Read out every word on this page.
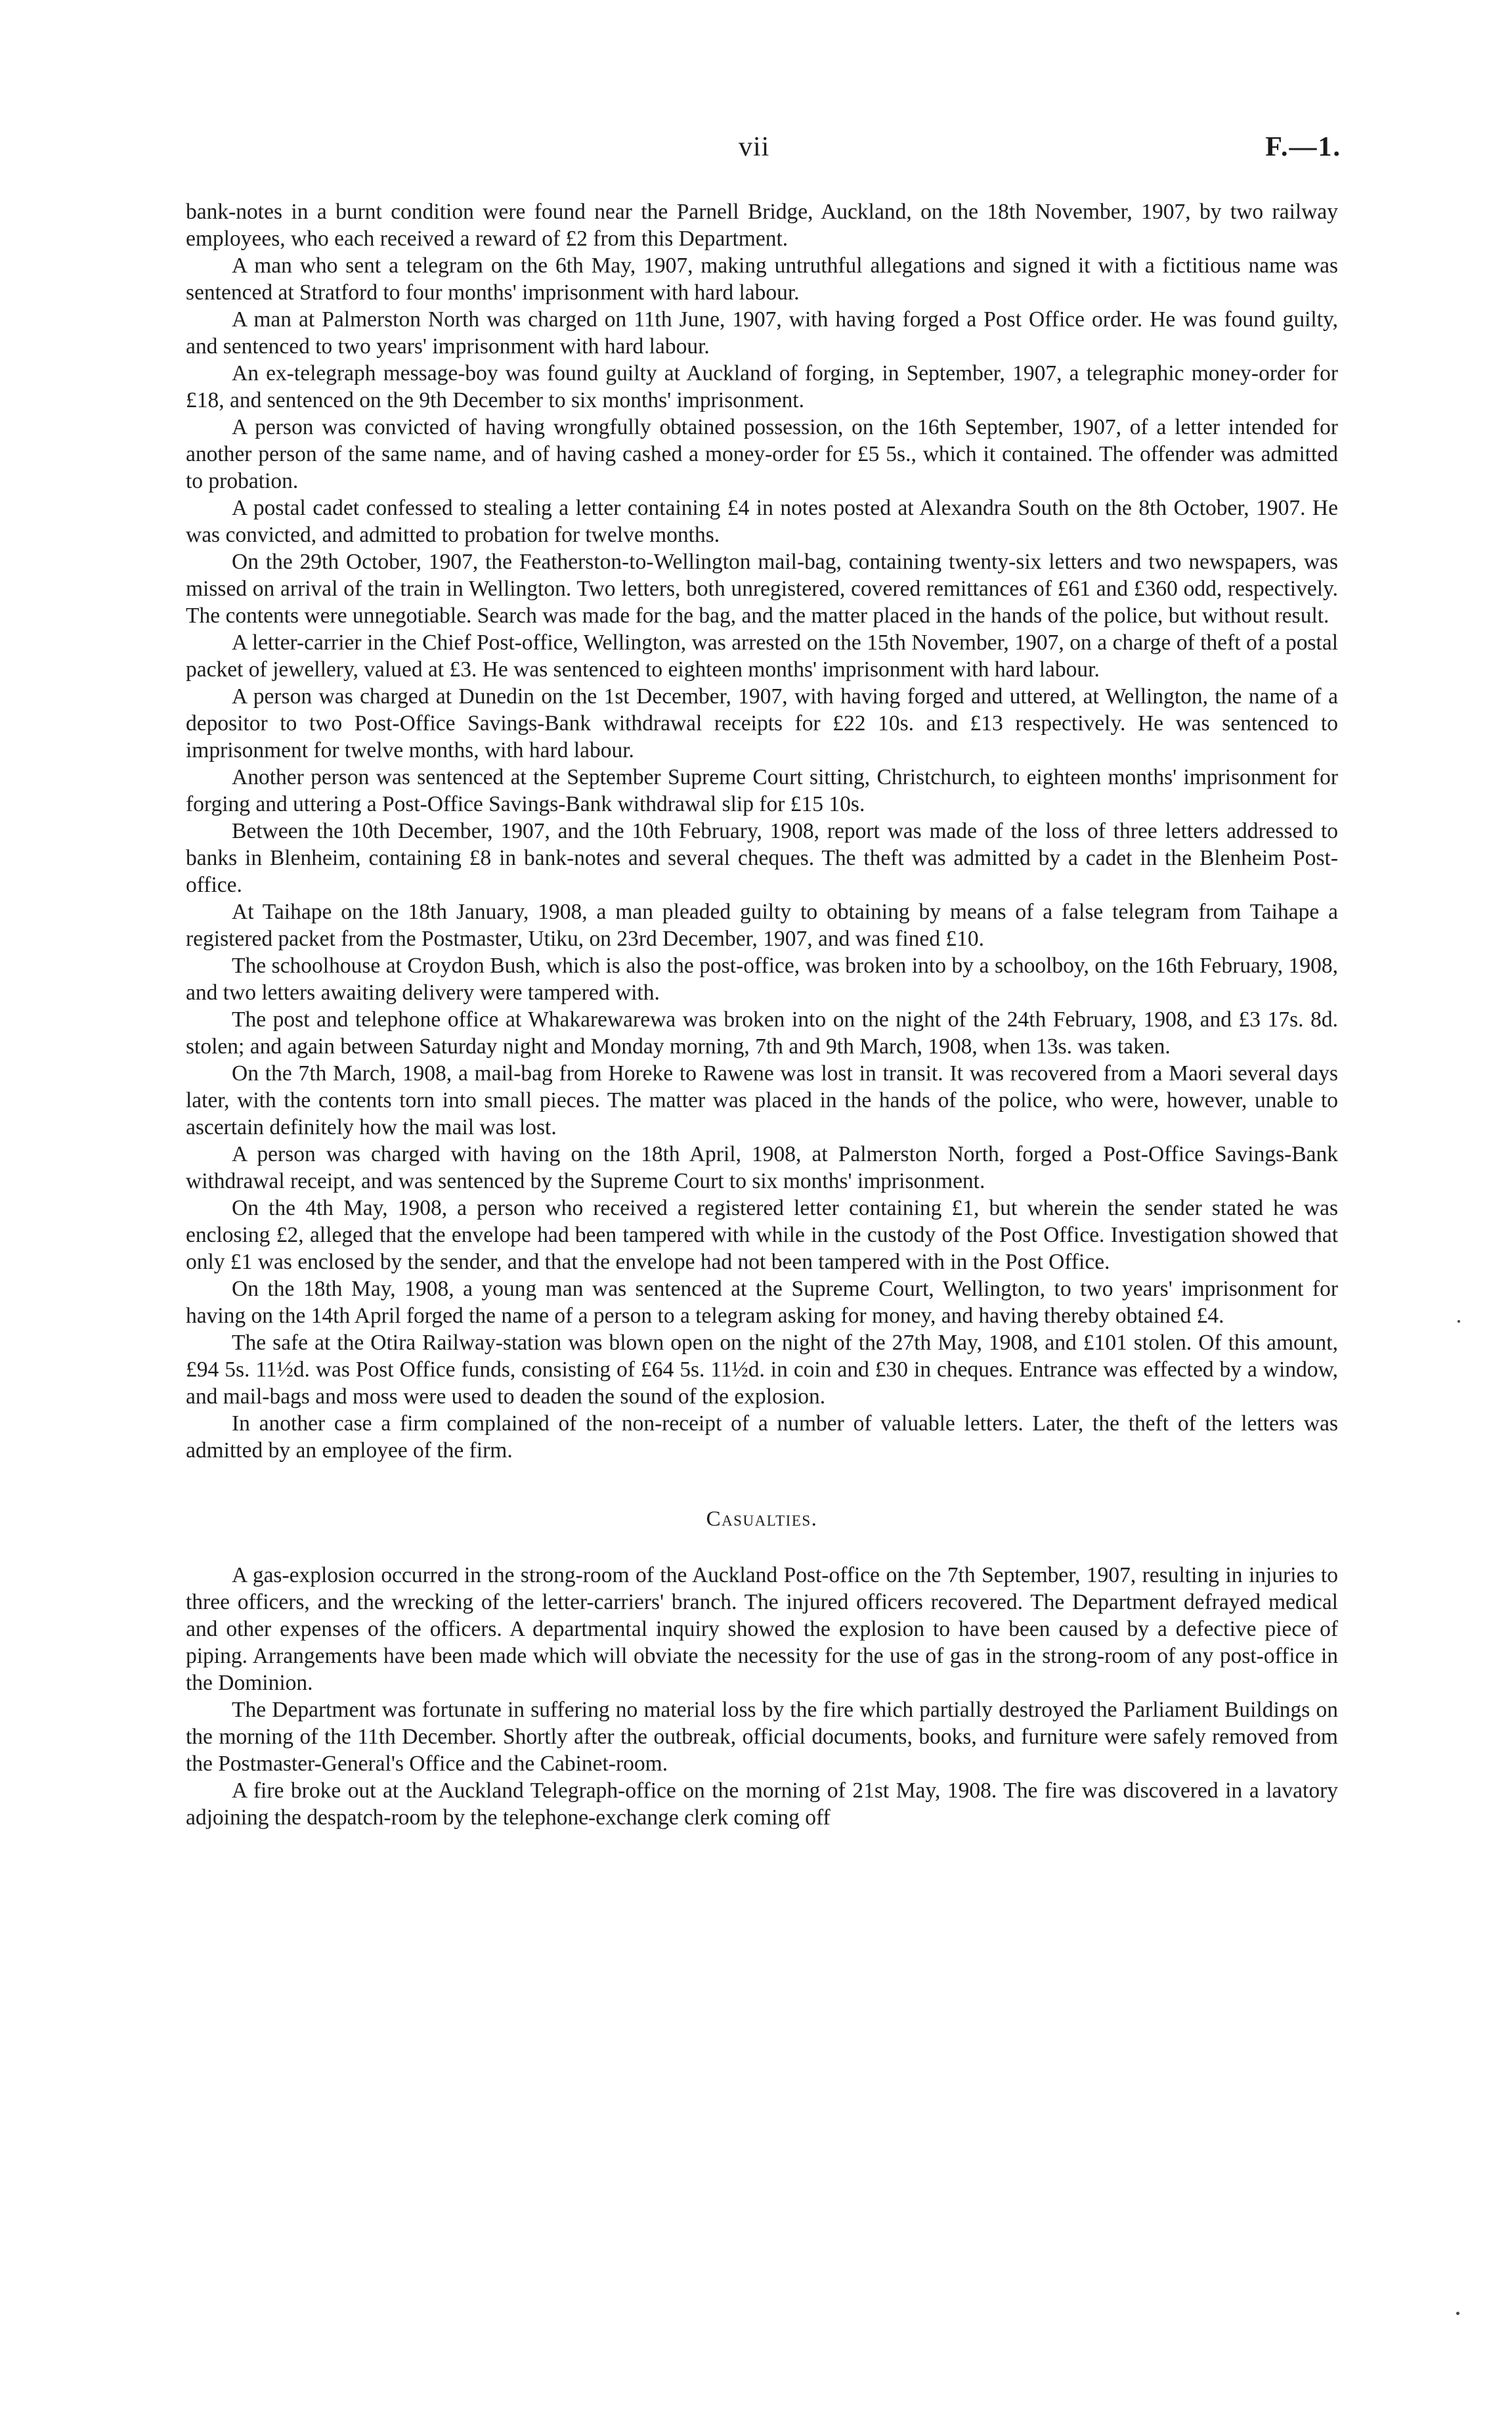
vii	F.—1.

bank-notes in a burnt condition were found near the Parnell Bridge, Auckland, on the 18th November, 1907, by two railway employees, who each received a reward of £2 from this Department.

A man who sent a telegram on the 6th May, 1907, making untruthful allegations and signed it with a fictitious name was sentenced at Stratford to four months' imprisonment with hard labour.

A man at Palmerston North was charged on 11th June, 1907, with having forged a Post Office order. He was found guilty, and sentenced to two years' imprisonment with hard labour.

An ex-telegraph message-boy was found guilty at Auckland of forging, in September, 1907, a telegraphic money-order for £18, and sentenced on the 9th December to six months' imprisonment.

A person was convicted of having wrongfully obtained possession, on the 16th September, 1907, of a letter intended for another person of the same name, and of having cashed a money-order for £5 5s., which it contained. The offender was admitted to probation.

A postal cadet confessed to stealing a letter containing £4 in notes posted at Alexandra South on the 8th October, 1907. He was convicted, and admitted to probation for twelve months.

On the 29th October, 1907, the Featherston-to-Wellington mail-bag, containing twenty-six letters and two newspapers, was missed on arrival of the train in Wellington. Two letters, both unregistered, covered remittances of £61 and £360 odd, respectively. The contents were unnegotiable. Search was made for the bag, and the matter placed in the hands of the police, but without result.

A letter-carrier in the Chief Post-office, Wellington, was arrested on the 15th November, 1907, on a charge of theft of a postal packet of jewellery, valued at £3. He was sentenced to eighteen months' imprisonment with hard labour.

A person was charged at Dunedin on the 1st December, 1907, with having forged and uttered, at Wellington, the name of a depositor to two Post-Office Savings-Bank withdrawal receipts for £22 10s. and £13 respectively. He was sentenced to imprisonment for twelve months, with hard labour.

Another person was sentenced at the September Supreme Court sitting, Christchurch, to eighteen months' imprisonment for forging and uttering a Post-Office Savings-Bank withdrawal slip for £15 10s.

Between the 10th December, 1907, and the 10th February, 1908, report was made of the loss of three letters addressed to banks in Blenheim, containing £8 in bank-notes and several cheques. The theft was admitted by a cadet in the Blenheim Post-office.

At Taihape on the 18th January, 1908, a man pleaded guilty to obtaining by means of a false telegram from Taihape a registered packet from the Postmaster, Utiku, on 23rd December, 1907, and was fined £10.

The schoolhouse at Croydon Bush, which is also the post-office, was broken into by a schoolboy, on the 16th February, 1908, and two letters awaiting delivery were tampered with.

The post and telephone office at Whakarewarewa was broken into on the night of the 24th February, 1908, and £3 17s. 8d. stolen; and again between Saturday night and Monday morning, 7th and 9th March, 1908, when 13s. was taken.

On the 7th March, 1908, a mail-bag from Horeke to Rawene was lost in transit. It was recovered from a Maori several days later, with the contents torn into small pieces. The matter was placed in the hands of the police, who were, however, unable to ascertain definitely how the mail was lost.

A person was charged with having on the 18th April, 1908, at Palmerston North, forged a Post-Office Savings-Bank withdrawal receipt, and was sentenced by the Supreme Court to six months' imprisonment.

On the 4th May, 1908, a person who received a registered letter containing £1, but wherein the sender stated he was enclosing £2, alleged that the envelope had been tampered with while in the custody of the Post Office. Investigation showed that only £1 was enclosed by the sender, and that the envelope had not been tampered with in the Post Office.

On the 18th May, 1908, a young man was sentenced at the Supreme Court, Wellington, to two years' imprisonment for having on the 14th April forged the name of a person to a telegram asking for money, and having thereby obtained £4.

The safe at the Otira Railway-station was blown open on the night of the 27th May, 1908, and £101 stolen. Of this amount, £94 5s. 11½d. was Post Office funds, consisting of £64 5s. 11½d. in coin and £30 in cheques. Entrance was effected by a window, and mail-bags and moss were used to deaden the sound of the explosion.

In another case a firm complained of the non-receipt of a number of valuable letters. Later, the theft of the letters was admitted by an employee of the firm.

Casualties.

A gas-explosion occurred in the strong-room of the Auckland Post-office on the 7th September, 1907, resulting in injuries to three officers, and the wrecking of the letter-carriers' branch. The injured officers recovered. The Department defrayed medical and other expenses of the officers. A departmental inquiry showed the explosion to have been caused by a defective piece of piping. Arrangements have been made which will obviate the necessity for the use of gas in the strong-room of any post-office in the Dominion.

The Department was fortunate in suffering no material loss by the fire which partially destroyed the Parliament Buildings on the morning of the 11th December. Shortly after the outbreak, official documents, books, and furniture were safely removed from the Postmaster-General's Office and the Cabinet-room.

A fire broke out at the Auckland Telegraph-office on the morning of 21st May, 1908. The fire was discovered in a lavatory adjoining the despatch-room by the telephone-exchange clerk coming off
